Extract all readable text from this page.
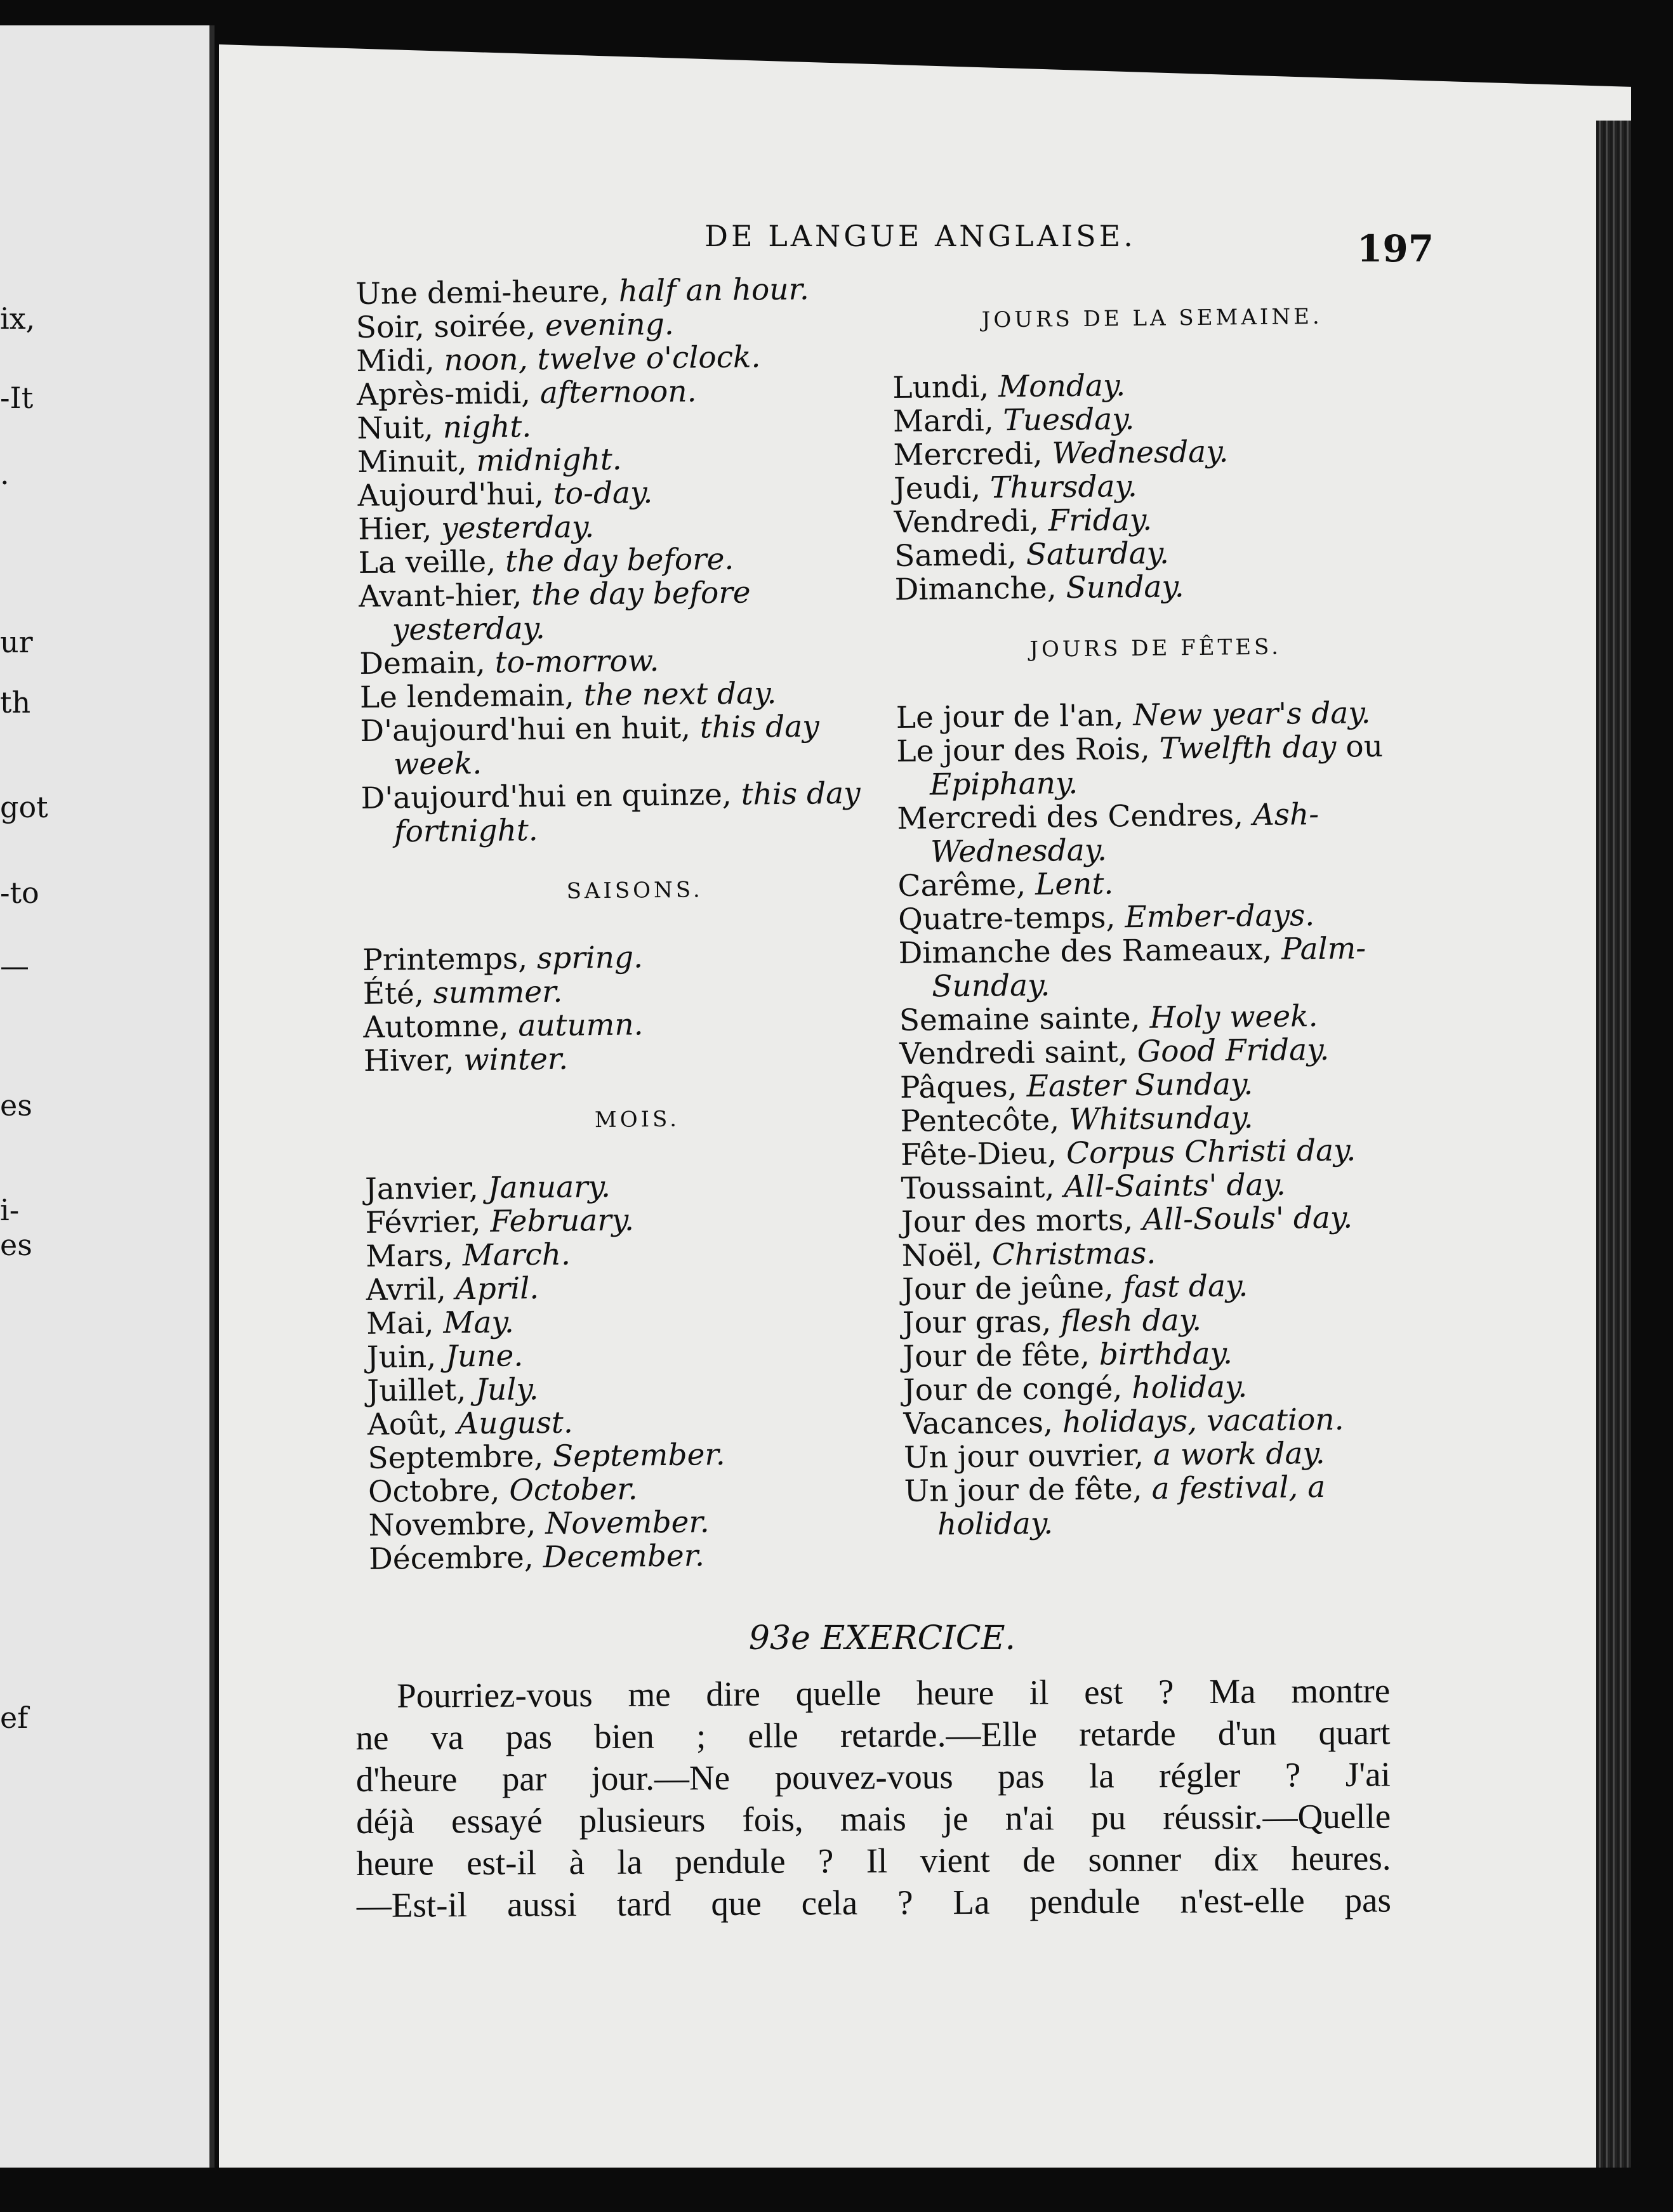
ix,
-It
.
ur
th
got
-to
—
es
i-
es
ef
DE LANGUE ANGLAISE.	197

Une demi-heure, half an hour.

Soir, soirée, evening.

Midi, noon, twelve o'clock.

Après-midi, afternoon.

Nuit, night.

Minuit, midnight.

Aujourd'hui, to-day.

Hier, yesterday.

La veille, the day before.

Avant-hier, the day before yesterday.

Demain, to-morrow.

Le lendemain, the next day.

D'aujourd'hui en huit, this day week.

D'aujourd'hui en quinze, this day fortnight.

SAISONS.

Printemps, spring.

Été, summer.

Automne, autumn.

Hiver, winter.

MOIS.

Janvier, January.

Février, February.

Mars, March.

Avril, April.

Mai, May.

Juin, June.

Juillet, July.

Août, August.

Septembre, September.

Octobre, October.

Novembre, November.

Décembre, December.

JOURS DE LA SEMAINE.

Lundi, Monday.

Mardi, Tuesday.

Mercredi, Wednesday.

Jeudi, Thursday.

Vendredi, Friday.

Samedi, Saturday.

Dimanche, Sunday.

JOURS DE FÊTES.

Le jour de l'an, New year's day.

Le jour des Rois, Twelfth day ou Epiphany.

Mercredi des Cendres, Ash-Wednesday.

Carême, Lent.

Quatre-temps, Ember-days.

Dimanche des Rameaux, Palm-Sunday.

Semaine sainte, Holy week.

Vendredi saint, Good Friday.

Pâques, Easter Sunday.

Pentecôte, Whitsunday.

Fête-Dieu, Corpus Christi day.

Toussaint, All-Saints' day.

Jour des morts, All-Souls' day.

Noël, Christmas.

Jour de jeûne, fast day.

Jour gras, flesh day.

Jour de fête, birthday.

Jour de congé, holiday.

Vacances, holidays, vacation.

Un jour ouvrier, a work day.

Un jour de fête, a festival, a holiday.

93e EXERCICE.
Pourriez-vous me dire quelle heure il est ? Ma montre
ne va pas bien ; elle retarde.—Elle retarde d'un quart
d'heure par jour.—Ne pouvez-vous pas la régler ? J'ai
déjà essayé plusieurs fois, mais je n'ai pu réussir.—Quelle
heure est-il à la pendule ? Il vient de sonner dix heures.
—Est-il aussi tard que cela ? La pendule n'est-elle pas
